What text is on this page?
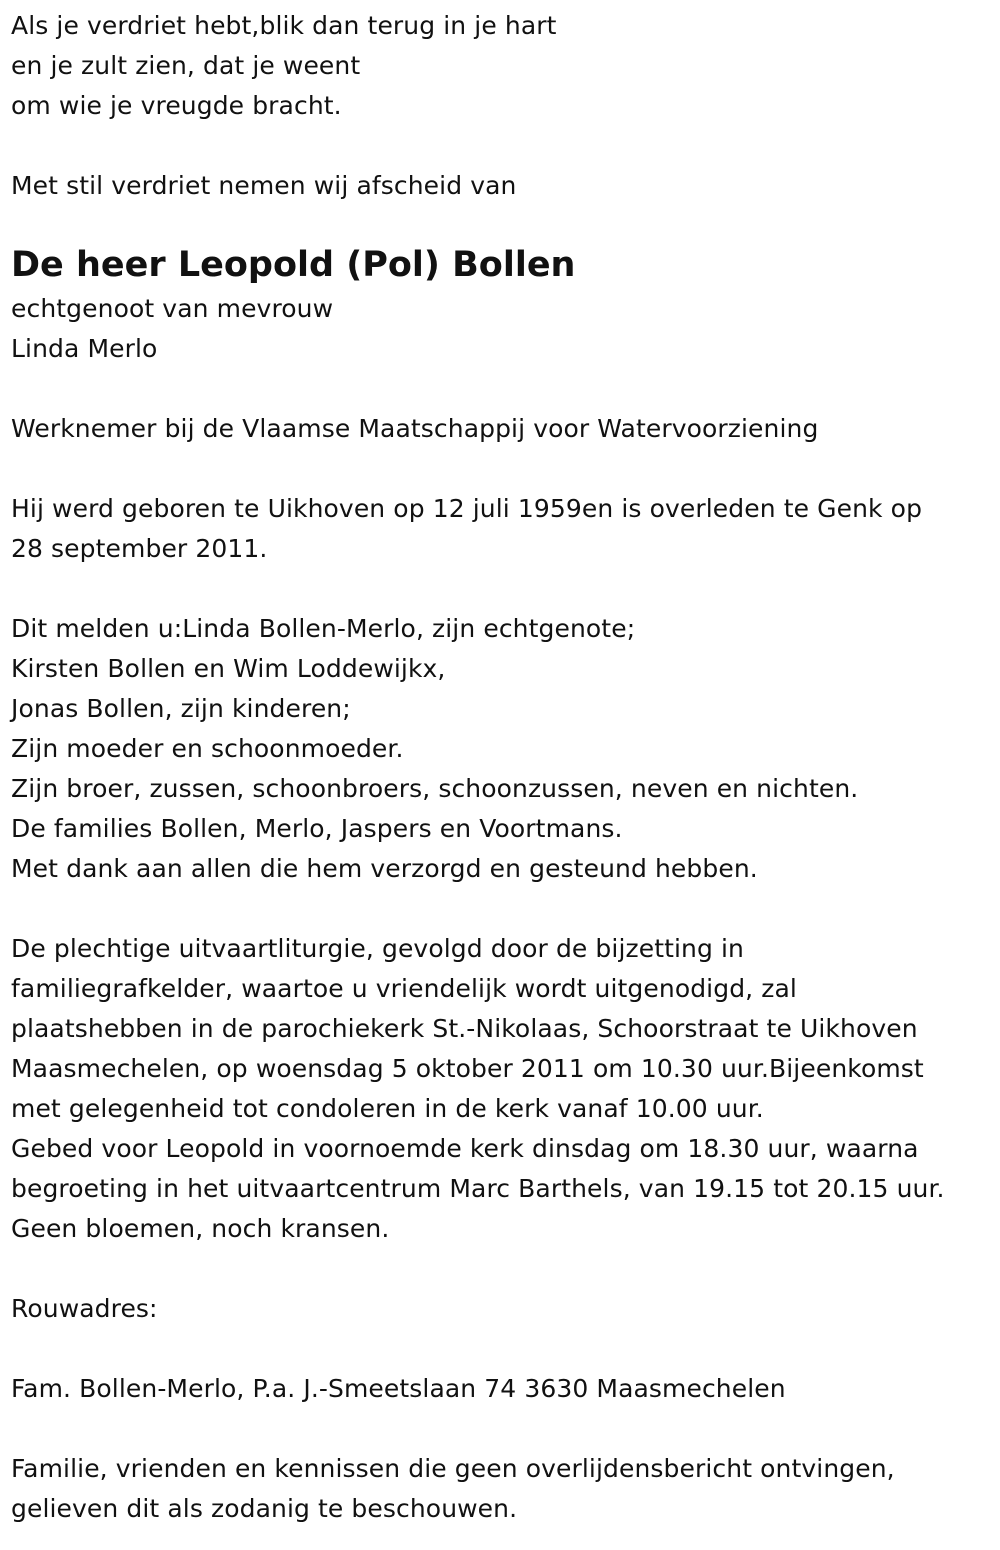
Als je verdriet hebt,blik dan terug in je hart
en je zult zien, dat je weent
om wie je vreugde bracht.
Met stil verdriet nemen wij afscheid van
De heer Leopold (Pol) Bollen
echtgenoot van mevrouw
Linda Merlo
Werknemer bij de Vlaamse Maatschappij voor Watervoorziening
Hij werd geboren te Uikhoven op 12 juli 1959en is overleden te Genk op
28 september 2011.
Dit melden u:Linda Bollen-Merlo, zijn echtgenote;
Kirsten Bollen en Wim Loddewijkx,
Jonas Bollen, zijn kinderen;
Zijn moeder en schoonmoeder.
Zijn broer, zussen, schoonbroers, schoonzussen, neven en nichten.
De families Bollen, Merlo, Jaspers en Voortmans.
Met dank aan allen die hem verzorgd en gesteund hebben.
De plechtige uitvaartliturgie, gevolgd door de bijzetting in
familiegrafkelder, waartoe u vriendelijk wordt uitgenodigd, zal
plaatshebben in de parochiekerk St.-Nikolaas, Schoorstraat te Uikhoven
Maasmechelen, op woensdag 5 oktober 2011 om 10.30 uur.Bijeenkomst
met gelegenheid tot condoleren in de kerk vanaf 10.00 uur.
Gebed voor Leopold in voornoemde kerk dinsdag om 18.30 uur, waarna
begroeting in het uitvaartcentrum Marc Barthels, van 19.15 tot 20.15 uur.
Geen bloemen, noch kransen.
Rouwadres:
Fam. Bollen-Merlo, P.a. J.-Smeetslaan 74 3630 Maasmechelen
Familie, vrienden en kennissen die geen overlijdensbericht ontvingen,
gelieven dit als zodanig te beschouwen.
